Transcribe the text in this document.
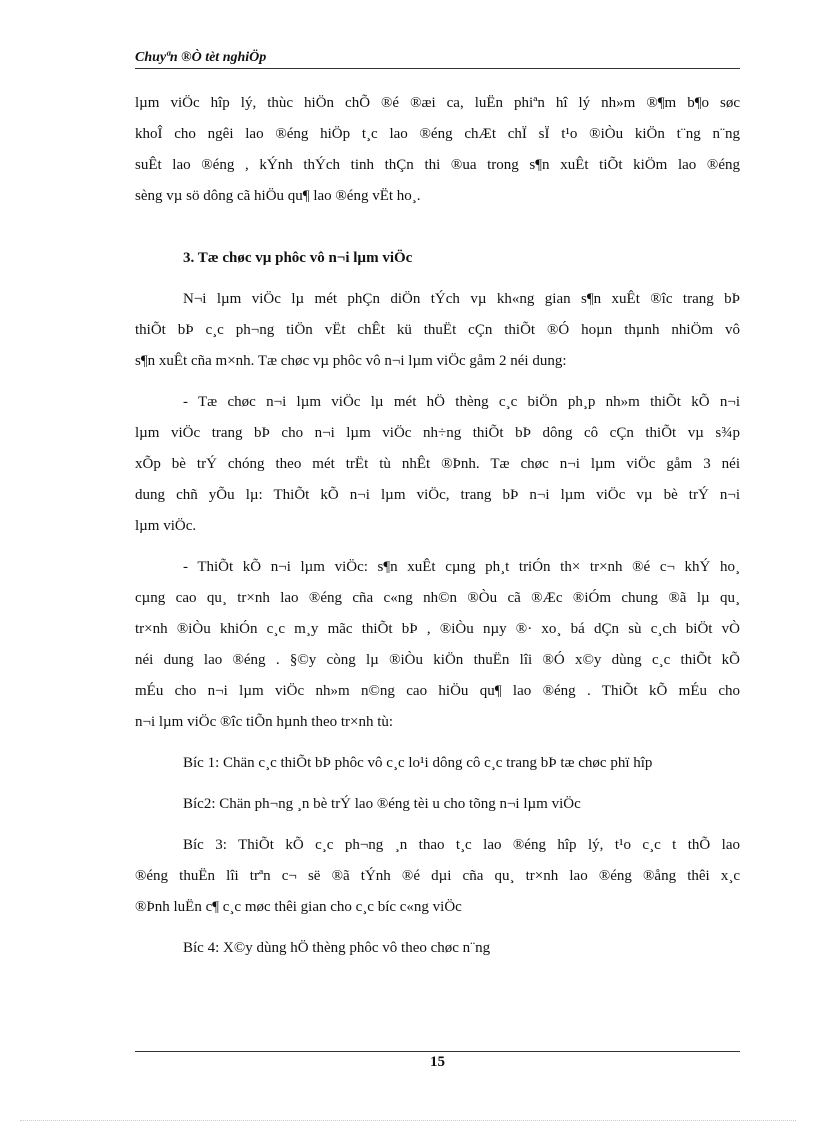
Chuyªn ®Ò tèt nghiÖp
lµm viÖc hîp lý, thùc hiÖn chÕ ®é ®æi ca, luËn phiªn hî lý nh»m ®¶m b¶o søc
khoÎ cho ngêi lao ®éng hiÖp t¸c lao ®éng chÆt chÏ sÏ t¹o ®iÒu kiÖn t¨ng n¨ng
suÊt lao ®éng , kÝnh thÝch tinh thÇn thi ®ua trong s¶n xuÊt tiÕt kiÖm lao ®éng
sèng vµ sö dông cã hiÖu qu¶ lao ®éng vËt ho¸.
3. Tæ chøc vµ phôc vô n¬i lµm viÖc
N¬i lµm viÖc lµ mét phÇn diÖn tÝch vµ kh«ng gian s¶n xuÊt ®îc trang bÞ
thiÕt bÞ c¸c ph¬ng tiÖn vËt chÊt kü thuËt cÇn thiÕt ®Ó hoµn thµnh nhiÖm vô
s¶n xuÊt cña m×nh. Tæ chøc vµ phôc vô n¬i lµm viÖc gåm 2 néi dung:
- Tæ chøc n¬i lµm viÖc lµ mét hÖ thèng c¸c biÖn ph¸p nh»m thiÕt kÕ n¬i
lµm viÖc trang bÞ cho n¬i lµm viÖc nh÷ng thiÕt bÞ dông cô cÇn thiÕt vµ s¾p
xÕp bè trÝ chóng theo mét trËt tù nhÊt ®Þnh. Tæ chøc n¬i lµm viÖc gåm 3 néi
dung chñ yÕu lµ: ThiÕt kÕ n¬i lµm viÖc, trang bÞ n¬i lµm viÖc vµ bè trÝ n¬i
lµm viÖc.
- ThiÕt kÕ n¬i lµm viÖc: s¶n xuÊt cµng ph¸t triÓn th× tr×nh ®é c¬ khÝ ho¸
cµng cao qu¸ tr×nh lao ®éng cña c«ng nh©n ®Òu cã ®Æc ®iÓm chung ®ã lµ qu¸
tr×nh ®iÒu khiÓn c¸c m¸y mãc thiÕt bÞ , ®iÒu nµy ®· xo¸ bá dÇn sù c¸ch biÖt vÒ
néi dung lao ®éng . §©y còng lµ ®iÒu kiÖn thuËn lîi ®Ó x©y dùng c¸c thiÕt kÕ
mÉu cho n¬i lµm viÖc nh»m n©ng cao hiÖu qu¶ lao ®éng . ThiÕt kÕ mÉu cho
n¬i lµm viÖc ®îc tiÕn hµnh theo tr×nh tù:
Bíc 1: Chän c¸c thiÕt bÞ phôc vô c¸c lo¹i dông cô c¸c trang bÞ tæ chøc phï hîp
Bíc2: Chän ph¬ng ¸n bè trÝ lao ®éng tèi u cho tõng n¬i lµm viÖc
Bíc 3: ThiÕt kÕ c¸c ph¬ng ¸n thao t¸c lao ®éng hîp lý, t¹o c¸c t thÕ lao
®éng thuËn lîi trªn c¬ së ®ã tÝnh ®é dµi cña qu¸ tr×nh lao ®éng ®ång thêi x¸c
®Þnh luËn c¶ c¸c møc thêi gian cho c¸c bíc c«ng viÖc
Bíc 4: X©y dùng hÖ thèng phôc vô theo chøc n¨ng
15
